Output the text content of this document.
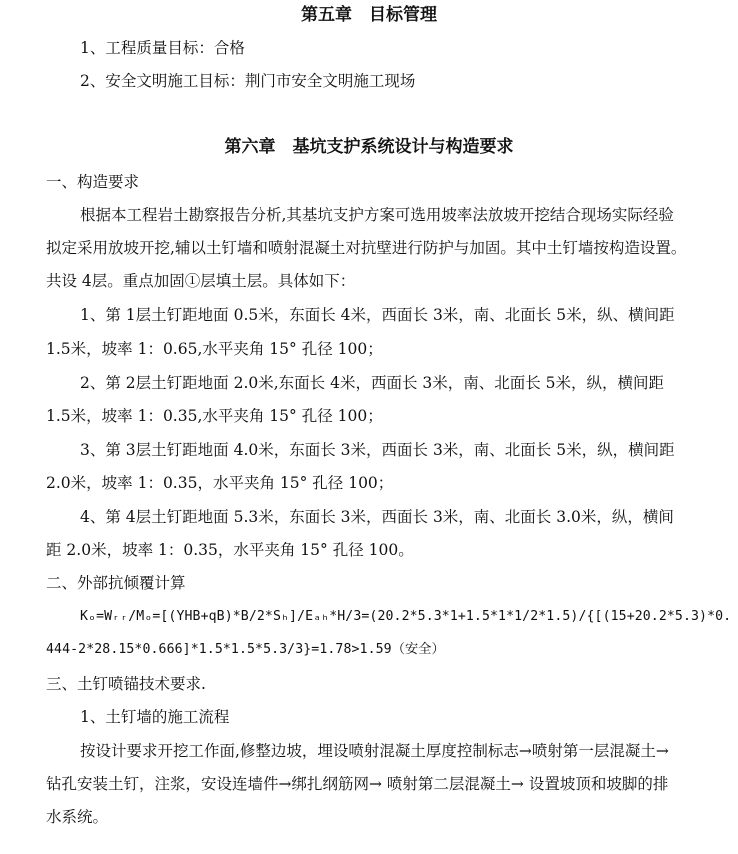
第五章　目标管理
1、工程质量目标：合格
2、安全文明施工目标：荆门市安全文明施工现场
第六章　基坑支护系统设计与构造要求
一、构造要求
根据本工程岩土勘察报告分析,其基坑支护方案可选用坡率法放坡开挖结合现场实际经验
拟定采用放坡开挖,辅以土钉墙和喷射混凝土对抗壁进行防护与加固。其中土钉墙按构造设置。
共设 4层。重点加固①层填土层。具体如下：
1、第 1层土钉距地面 0.5米，东面长 4米，西面长 3米，南、北面长 5米，纵、横间距
1.5米，坡率 1：0.65,水平夹角 15° 孔径 100；
2、第 2层土钉距地面 2.0米,东面长 4米，西面长 3米，南、北面长 5米，纵，横间距
1.5米，坡率 1：0.35,水平夹角 15° 孔径 100；
3、第 3层土钉距地面 4.0米，东面长 3米，西面长 3米，南、北面长 5米，纵，横间距
2.0米，坡率 1：0.35，水平夹角 15° 孔径 100；
4、第 4层土钉距地面 5.3米，东面长 3米，西面长 3米，南、北面长 3.0米，纵，横间
距 2.0米，坡率 1：0.35，水平夹角 15° 孔径 100。
二、外部抗倾覆计算
Kₒ=Wᵣᵣ/Mₒ=[(YHB+qB)*B/2*Sₕ]/Eₐₕ*H/3=(20.2*5.3*1+1.5*1*1/2*1.5)/{[(15+20.2*5.3)*0.
444-2*28.15*0.666]*1.5*1.5*5.3/3}=1.78>1.59（安全）
三、土钉喷锚技术要求.
1、土钉墙的施工流程
按设计要求开挖工作面,修整边坡，埋设喷射混凝土厚度控制标志→喷射第一层混凝土→
钻孔安装土钉，注浆，安设连墙件→绑扎纲筋网→ 喷射第二层混凝土→ 设置坡顶和坡脚的排
水系统。
